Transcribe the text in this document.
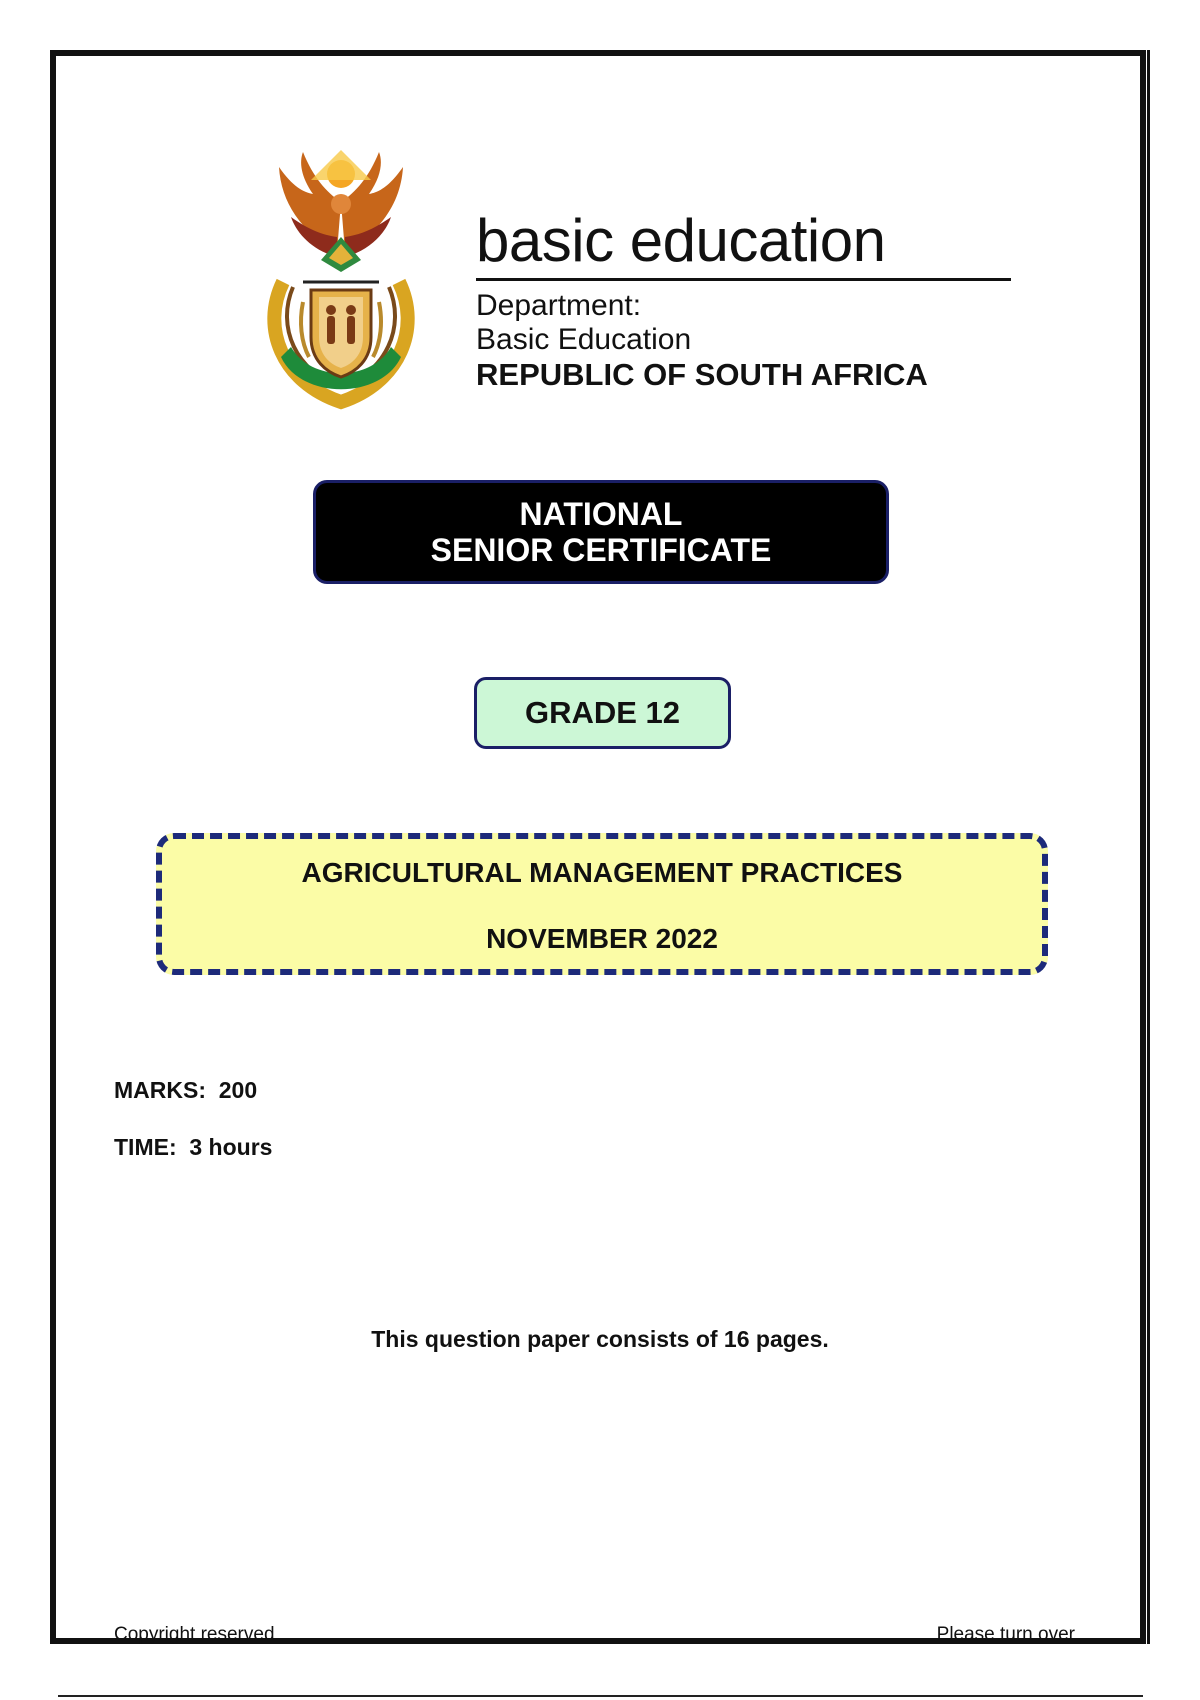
basic education
Department:
Basic Education
REPUBLIC OF SOUTH AFRICA
NATIONAL
SENIOR CERTIFICATE
GRADE 12
AGRICULTURAL MANAGEMENT PRACTICES
NOVEMBER 2022
MARKS:  200
TIME:  3 hours
This question paper consists of 16 pages.
Copyright reserved	Please turn over
